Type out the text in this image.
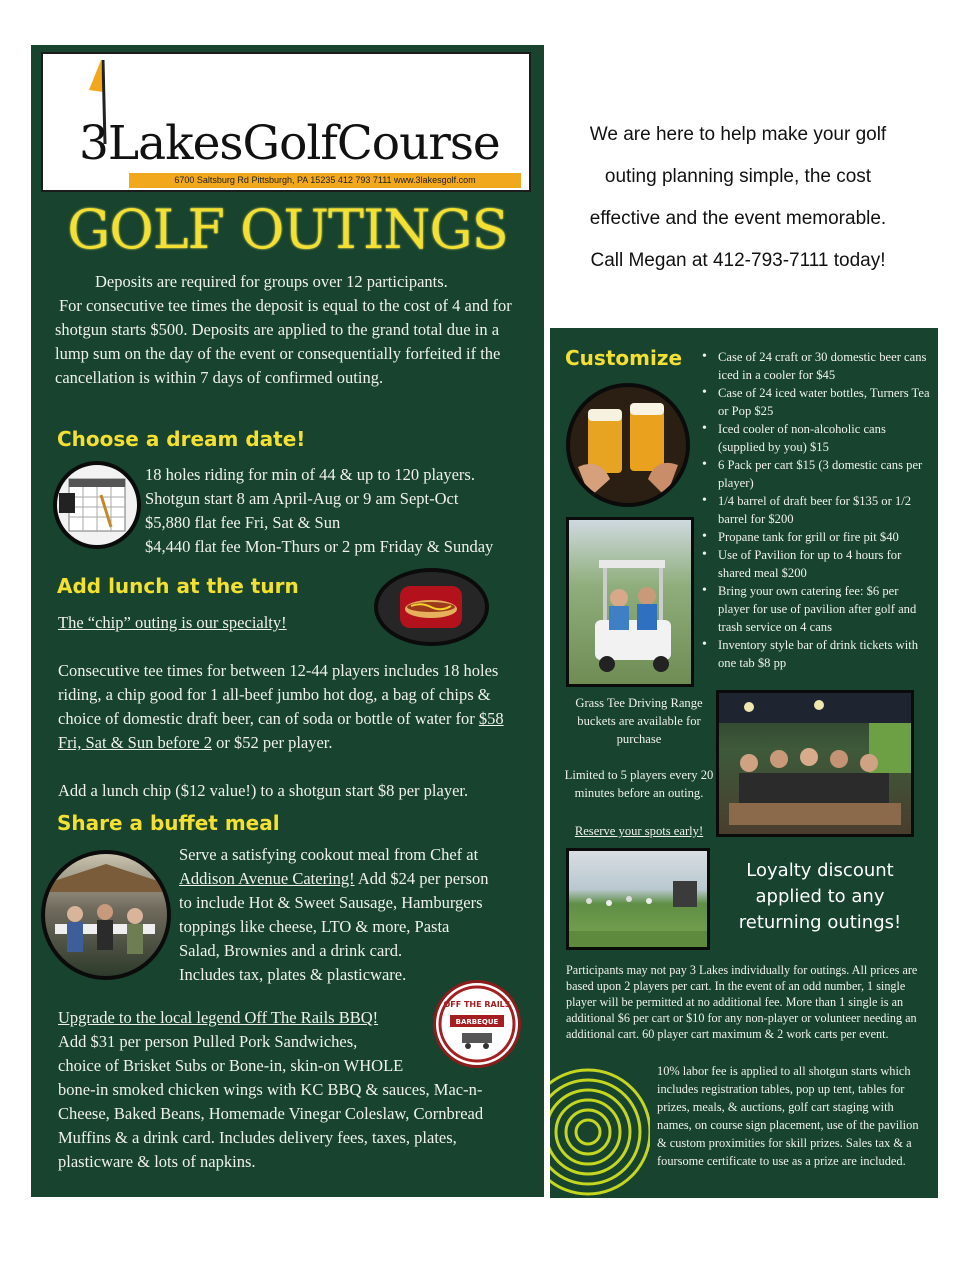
We are here to help make your golf
outing planning simple, the cost
effective and the event memorable.
Call Megan at 412-793-7111 today!
3LakesGolfCourse
6700 Saltsburg Rd Pittsburgh, PA 15235 412 793 7111 www.3lakesgolf.com
GOLF OUTINGS

Deposits are required for groups over 12 participants.

For consecutive tee times the deposit is equal to the cost of 4 and for shotgun starts $500. Deposits are applied to the grand total due in a lump sum on the day of the event or consequentially forfeited if the cancellation is within 7 days of confirmed outing.

Choose a dream date!

18 holes riding for min of 44 & up to 120 players.

Shotgun start 8 am April-Aug or 9 am Sept-Oct

$5,880 flat fee Fri, Sat & Sun

$4,440 flat fee Mon-Thurs or 2 pm Friday & Sunday

Add lunch at the turn
The “chip” outing is our specialty!
Consecutive tee times for between 12-44 players includes 18 holes riding, a chip good for 1 all-beef jumbo hot dog, a bag of chips & choice of domestic draft beer, can of soda or bottle of water for $58 Fri, Sat & Sun before 2 or $52 per player.
Add a lunch chip ($12 value!) to a shotgun start $8 per player.
Share a buffet meal

Serve a satisfying cookout meal from Chef at

Addison Avenue Catering! Add $24 per person

to include Hot & Sweet Sausage, Hamburgers

toppings like cheese, LTO & more, Pasta

Salad, Brownies and a drink card.

Includes tax, plates & plasticware.

OFF THE RAILS
BARBEQUE

Upgrade to the local legend Off The Rails BBQ!

Add $31 per person Pulled Pork Sandwiches,

choice of Brisket Subs or Bone-in, skin-on WHOLE

bone-in smoked chicken wings with KC BBQ & sauces, Mac-n-Cheese, Baked Beans, Homemade Vinegar Coleslaw, Cornbread Muffins & a drink card. Includes delivery fees, taxes, plates, plasticware & lots of napkins.

Customize
•	Case of 24 craft or 30 domestic beer cans iced in a cooler for $45
• Case of 24 iced water bottles, Turners Tea or Pop $25
• Iced cooler of non-alcoholic cans (supplied by you) $15
• 6 Pack per cart $15 (3 domestic cans per player)
• 1/4 barrel of draft beer for $135 or 1/2 barrel for $200
• Propane tank for grill or fire pit $40
• Use of Pavilion for up to 4 hours for shared meal $200
• Bring your own catering fee: $6 per player for use of pavilion after golf and trash service on 4 cans
• Inventory style bar of drink tickets with one tab $8 pp
Grass Tee Driving Range buckets are available for purchase
Limited to 5 players every 20 minutes before an outing.
Reserve your spots early!
Loyalty discount applied to any returning outings!
Participants may not pay 3 Lakes individually for outings. All prices are based upon 2 players per cart. In the event of an odd number, 1 single player will be permitted at no additional fee. More than 1 single is an additional $6 per cart or $10 for any non-player or volunteer needing an additional cart. 60 player cart maximum & 2 work carts per event.
10% labor fee is applied to all shotgun starts which includes registration tables, pop up tent, tables for prizes, meals, & auctions, golf cart staging with names, on course sign placement, use of the pavilion & custom proximities for skill prizes. Sales tax & a foursome certificate to use as a prize are included.
